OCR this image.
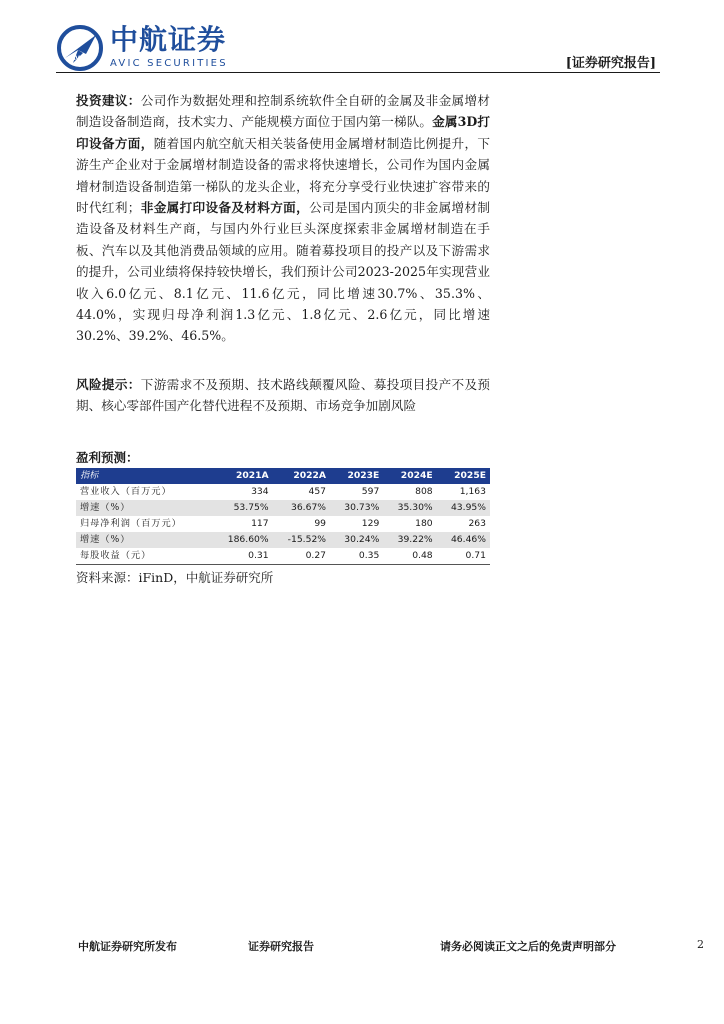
AVIC
中航证券
AVIC SECURITIES	[证券研究报告]

投资建议：公司作为数据处理和控制系统软件全自研的金属及非金属增材制造设备制造商，技术实力、产能规模方面位于国内第一梯队。金属3D打印设备方面，随着国内航空航天相关装备使用金属增材制造比例提升，下游生产企业对于金属增材制造设备的需求将快速增长，公司作为国内金属增材制造设备制造第一梯队的龙头企业，将充分享受行业快速扩容带来的时代红利；非金属打印设备及材料方面，公司是国内顶尖的非金属增材制造设备及材料生产商，与国内外行业巨头深度探索非金属增材制造在手板、汽车以及其他消费品领域的应用。随着募投项目的投产以及下游需求的提升，公司业绩将保持较快增长，我们预计公司2023-2025年实现营业收入6.0亿元、8.1亿元、11.6亿元，同比增速30.7%、35.3%、44.0%，实现归母净利润1.3亿元、1.8亿元、2.6亿元，同比增速30.2%、39.2%、46.5%。

风险提示：下游需求不及预期、技术路线颠覆风险、募投项目投产不及预期、核心零部件国产化替代进程不及预期、市场竞争加剧风险

盈利预测：
指标	2021A	2022A	2023E	2024E	2025E
营业收入（百万元）	334	457	597	808	1,163
增速（%）	53.75%	36.67%	30.73%	35.30%	43.95%
归母净利润（百万元）	117	99	129	180	263
增速（%）	186.60%	-15.52%	30.24%	39.22%	46.46%
每股收益（元）	0.31	0.27	0.35	0.48	0.71
资料来源：iFinD，中航证券研究所
中航证券研究所发布	证券研究报告	请务必阅读正文之后的免责声明部分	2
